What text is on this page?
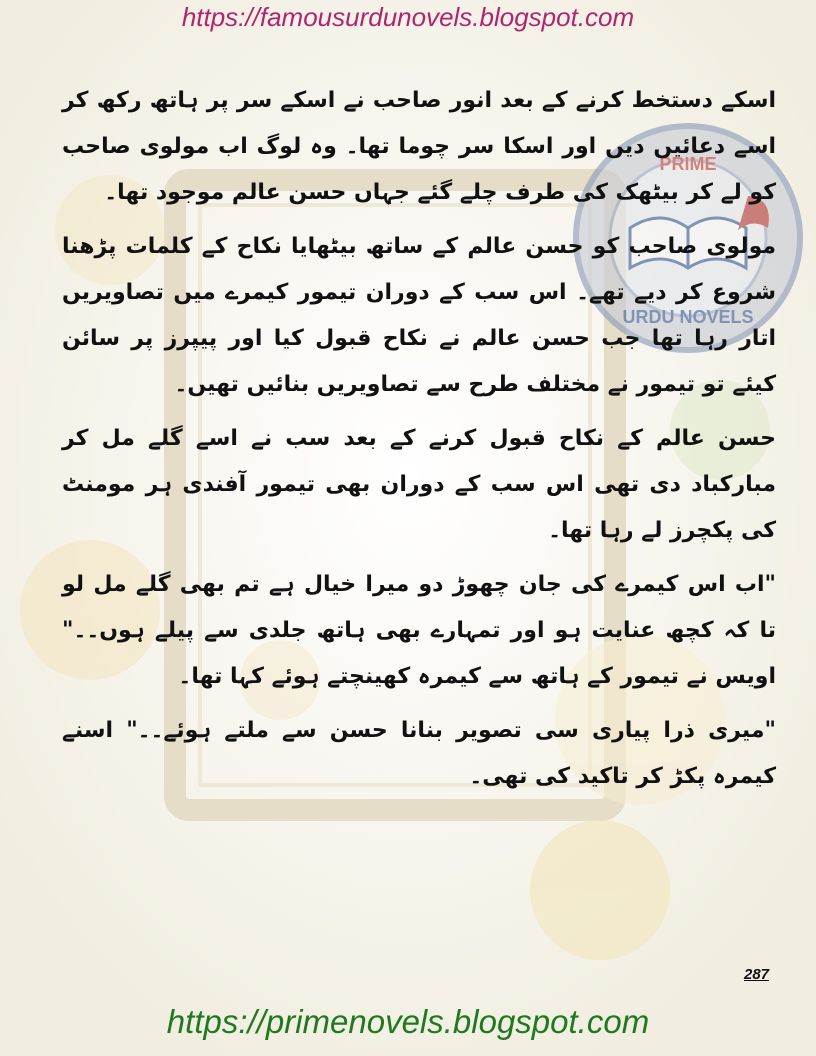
https://famousurdunovels.blogspot.com
PRIME
URDU NOVELS

اسکے دستخط کرنے کے بعد انور صاحب نے اسکے سر پر ہاتھ رکھ کر اسے دعائیں دیں اور اسکا سر چوما تھا۔ وہ لوگ اب مولوی صاحب کو لے کر بیٹھک کی طرف چلے گئے جہاں حسن عالم موجود تھا۔

مولوی صاحب کو حسن عالم کے ساتھ بیٹھایا نکاح کے کلمات پڑھنا شروع کر دیے تھے۔ اس سب کے دوران تیمور کیمرے میں تصاویریں اتار رہا تھا جب حسن عالم نے نکاح قبول کیا اور پیپرز پر سائن کیئے تو تیمور نے مختلف طرح سے تصاویریں بنائیں تھیں۔

حسن عالم کے نکاح قبول کرنے کے بعد سب نے اسے گلے مل کر مبارکباد دی تھی اس سب کے دوران بھی تیمور آفندی ہر مومنٹ کی پکچرز لے رہا تھا۔

"اب اس کیمرے کی جان چھوڑ دو میرا خیال ہے تم بھی گلے مل لو تا کہ کچھ عنایت ہو اور تمہارے بھی ہاتھ جلدی سے پیلے ہوں۔۔" اویس نے تیمور کے ہاتھ سے کیمرہ کھینچتے ہوئے کہا تھا۔

"میری ذرا پیاری سی تصویر بنانا حسن سے ملتے ہوئے۔۔" اسنے کیمرہ پکڑ کر تاکید کی تھی۔

287
https://primenovels.blogspot.com
